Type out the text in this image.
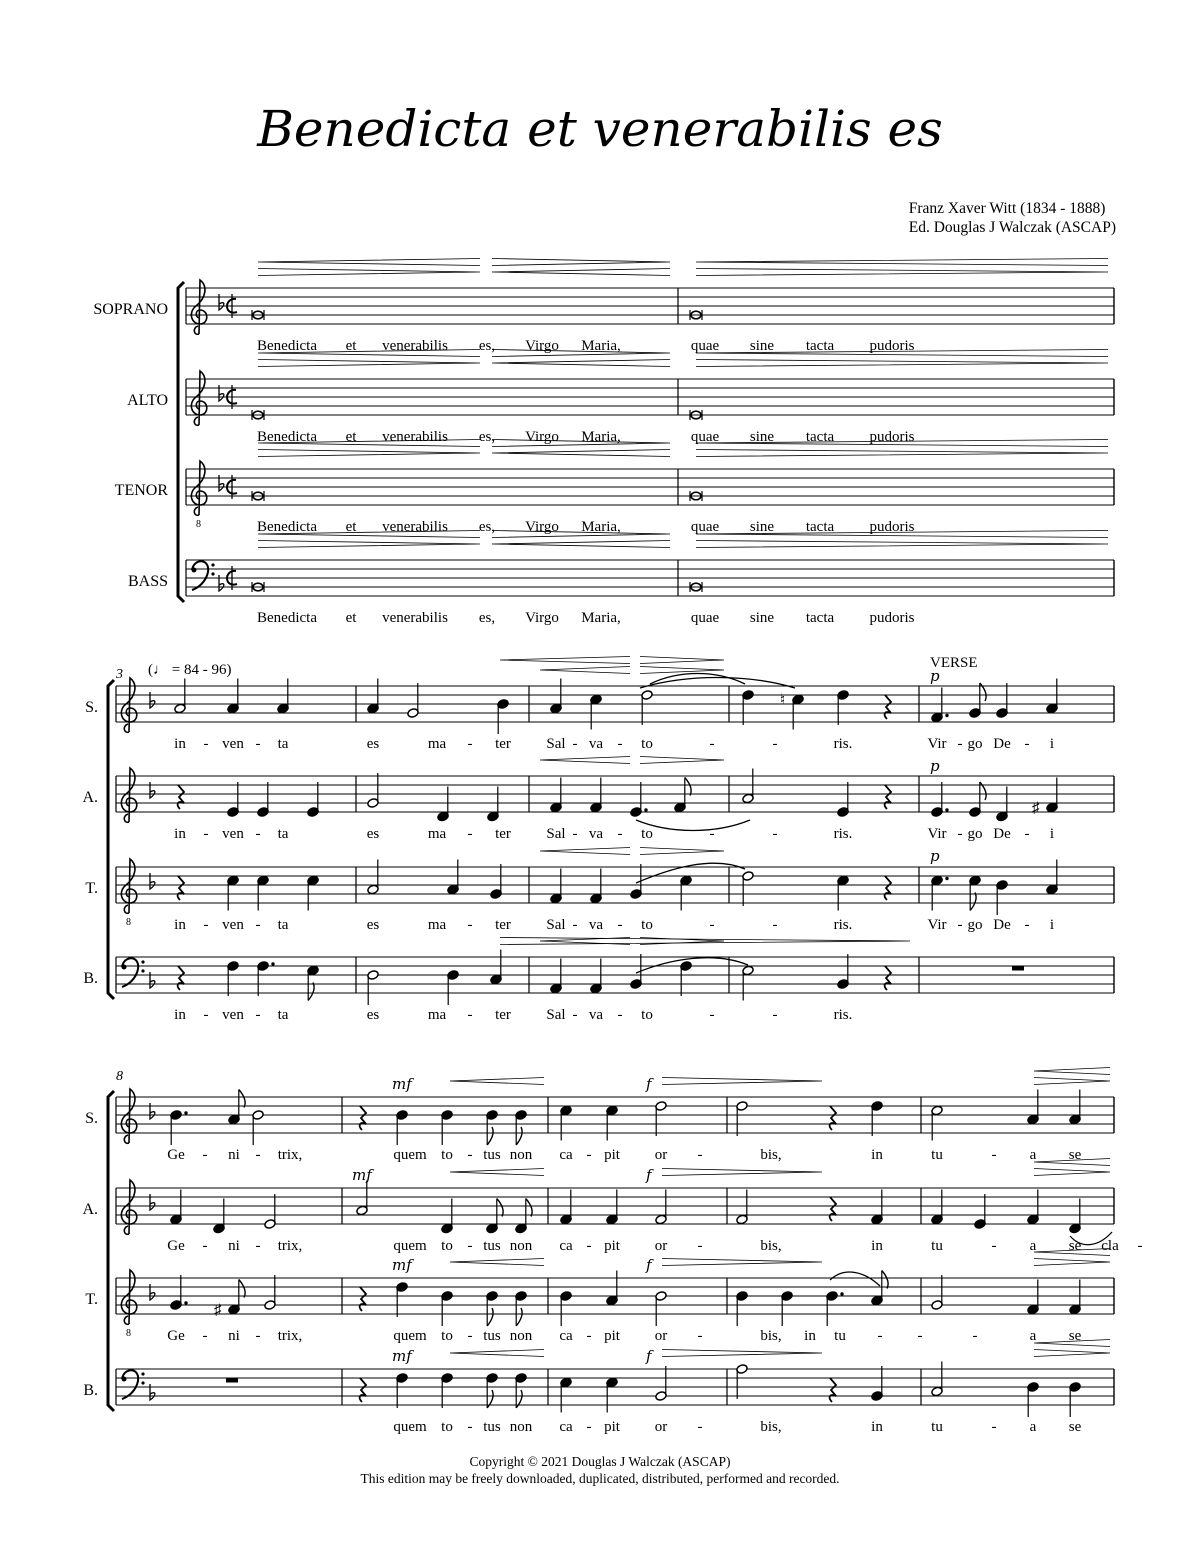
Benedicta et venerabilis es
Franz Xaver Witt (1834 - 1888)
Ed. Douglas J Walczak (ASCAP)
SOPRANO
Benedicta et venerabilis es, Virgo Maria,	quae sine tacta pudoris
ALTO
Benedicta et venerabilis es, Virgo Maria,	quae sine tacta pudoris
TENOR
8	Benedicta et venerabilis es, Virgo Maria,	quae sine tacta pudoris
BASS
Benedicta et venerabilis es, Virgo Maria,	quae sine tacta pudoris
3 (♩ = 84 - 96)	VERSE
S.	♮
p
in - ven - ta	es	ma - ter Sal - va - to	-	-	ris.	Vir - go De - i
A.
♯
p
in - ven - ta	es	ma - ter Sal - va - to	-	-	ris.	Vir - go De - i
T.
8
p
in - ven - ta	es	ma - ter Sal - va - to	-	-	ris.	Vir - go De - i
B.
in - ven - ta	es	ma - ter Sal - va - to	-	-	ris.
8
S.
mf	f
Ge - ni - trix,	quem to - tus non ca - pit or -	bis,	in	tu	- a se
A.
mf	f
Ge - ni - trix,	quem to - tus non ca - pit or -	bis,	in	tu	- a se cla -
T.
8
♯
mf	f
Ge - ni - trix,	quem to - tus non ca - pit or -	bis, in tu - -	-	a se
B.
mf	f
quem to - tus non ca - pit or -	bis,	in	tu	- a se
Copyright © 2021 Douglas J Walczak (ASCAP)
This edition may be freely downloaded, duplicated, distributed, performed and recorded.
